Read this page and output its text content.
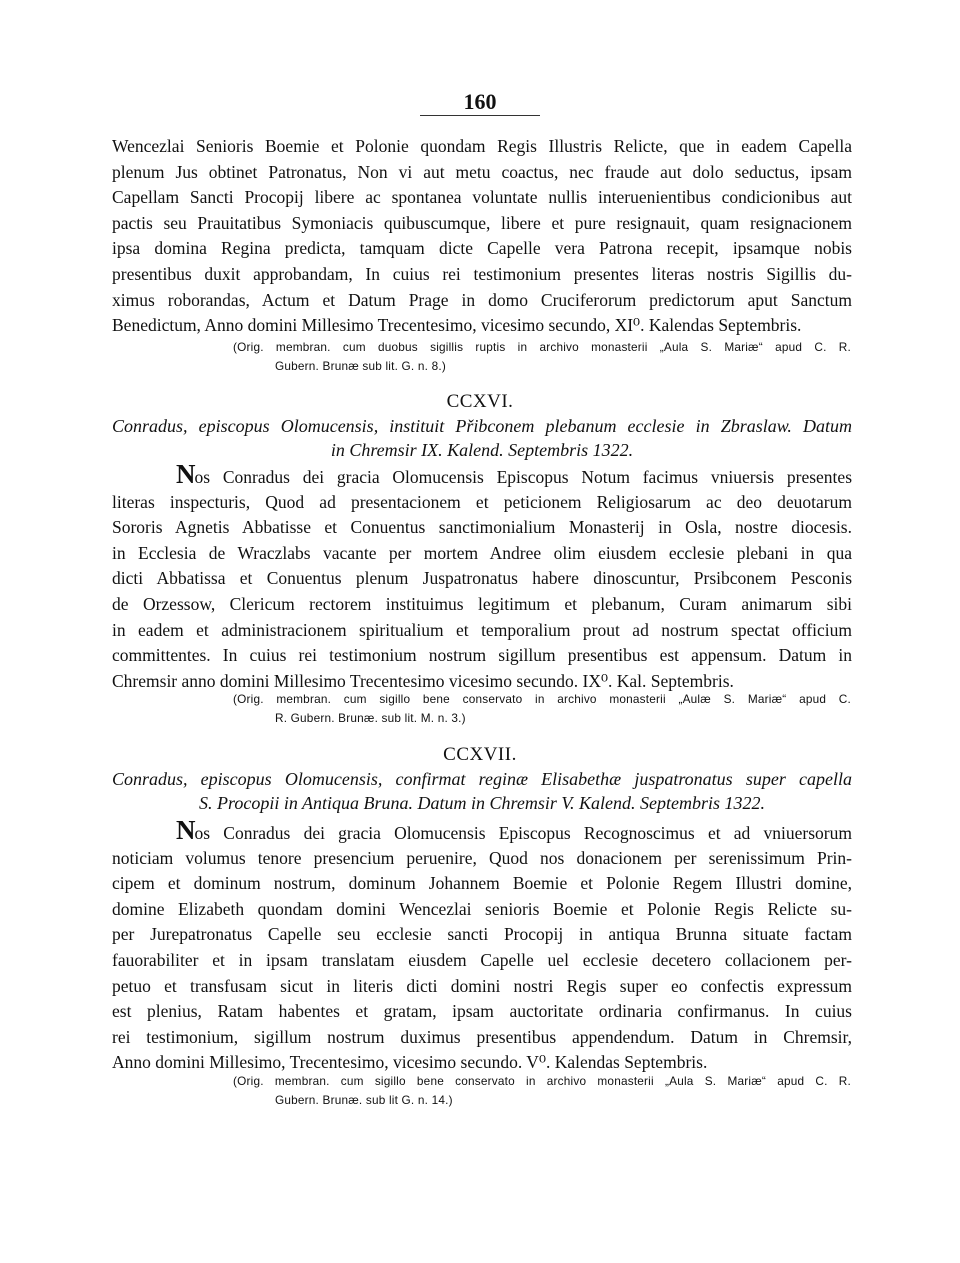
160
Wencezlai Senioris Boemie et Polonie quondam Regis Illustris Relicte, que in eadem Capella
plenum Jus obtinet Patronatus, Non vi aut metu coactus, nec fraude aut dolo seductus, ipsam
Capellam Sancti Procopij libere ac spontanea voluntate nullis interuenientibus condicionibus aut
pactis seu Prauitatibus Symoniacis quibuscumque, libere et pure resignauit, quam resignacionem
ipsa domina Regina predicta, tamquam dicte Capelle vera Patrona recepit, ipsamque nobis
presentibus duxit approbandam, In cuius rei testimonium presentes literas nostris Sigillis du-
ximus roborandas, Actum et Datum Prage in domo Cruciferorum predictorum aput Sanctum
Benedictum, Anno domini Millesimo Trecentesimo, vicesimo secundo, XI⁰. Kalendas Septembris.
(Orig. membran. cum duobus sigillis ruptis in archivo monasterii „Aula S. Mariæ“ apud C. R.
Gubern. Brunæ sub lit. G. n. 8.)
CCXVI.
Conradus, episcopus Olomucensis, instituit Přibconem plebanum ecclesie in Zbraslaw. Datum
in Chremsir IX. Kalend. Septembris 1322.
Nos Conradus dei gracia Olomucensis Episcopus Notum facimus vniuersis presentes
literas inspecturis, Quod ad presentacionem et peticionem Religiosarum ac deo deuotarum
Sororis Agnetis Abbatisse et Conuentus sanctimonialium Monasterij in Osla, nostre diocesis.
in Ecclesia de Wraczlabs vacante per mortem Andree olim eiusdem ecclesie plebani in qua
dicti Abbatissa et Conuentus plenum Juspatronatus habere dinoscuntur, Prsibconem Pesconis
de Orzessow, Clericum rectorem instituimus legitimum et plebanum, Curam animarum sibi
in eadem et administracionem spiritualium et temporalium prout ad nostrum spectat officium
committentes. In cuius rei testimonium nostrum sigillum presentibus est appensum. Datum in
Chremsir anno domini Millesimo Trecentesimo vicesimo secundo. IX⁰. Kal. Septembris.
(Orig. membran. cum sigillo bene conservato in archivo monasterii „Aulæ S. Mariæ“ apud C.
R. Gubern. Brunæ. sub lit. M. n. 3.)
CCXVII.
Conradus, episcopus Olomucensis, confirmat reginæ Elisabethæ juspatronatus super capella
S. Procopii in Antiqua Bruna. Datum in Chremsir V. Kalend. Septembris 1322.
Nos Conradus dei gracia Olomucensis Episcopus Recognoscimus et ad vniuersorum
noticiam volumus tenore presencium peruenire, Quod nos donacionem per serenissimum Prin-
cipem et dominum nostrum, dominum Johannem Boemie et Polonie Regem Illustri domine,
domine Elizabeth quondam domini Wencezlai senioris Boemie et Polonie Regis Relicte su-
per Jurepatronatus Capelle seu ecclesie sancti Procopij in antiqua Brunna situate factam
fauorabiliter et in ipsam translatam eiusdem Capelle uel ecclesie decetero collacionem per-
petuo et transfusam sicut in literis dicti domini nostri Regis super eo confectis expressum
est plenius, Ratam habentes et gratam, ipsam auctoritate ordinaria confirmanus. In cuius
rei testimonium, sigillum nostrum duximus presentibus appendendum. Datum in Chremsir,
Anno domini Millesimo, Trecentesimo, vicesimo secundo. V⁰. Kalendas Septembris.
(Orig. membran. cum sigillo bene conservato in archivo monasterii „Aula S. Mariæ“ apud C. R.
Gubern. Brunæ. sub lit G. n. 14.)
